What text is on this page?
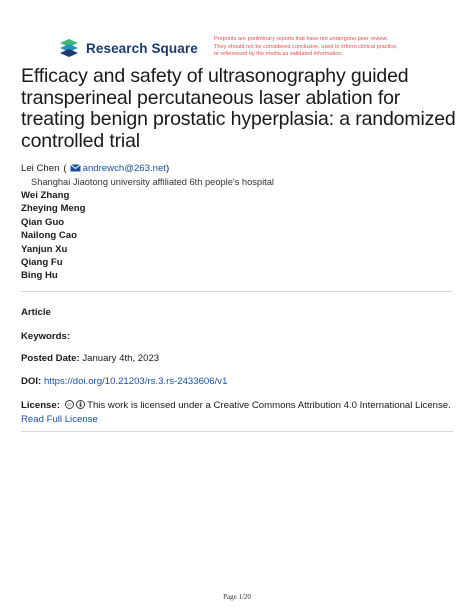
Research Square
Preprints are preliminary reports that have not undergone peer review.
They should not be considered conclusive, used to inform clinical practice,
or referenced by the media as validated information.
Efficacy and safety of ultrasonography guided
transperineal percutaneous laser ablation for
treating benign prostatic hyperplasia: a randomized
controlled trial
Lei Chen ( andrewch@263.net)
Shanghai Jiaotong university affiliated 6th people's hospital
Wei Zhang
Zheying Meng
Qian Guo
Nailong Cao
Yanjun Xu
Qiang Fu
Bing Hu
Article
Keywords:
Posted Date: January 4th, 2023
DOI: https://doi.org/10.21203/rs.3.rs-2433606/v1
License: cc This work is licensed under a Creative Commons Attribution 4.0 International License.
Read Full License
Page 1/20
